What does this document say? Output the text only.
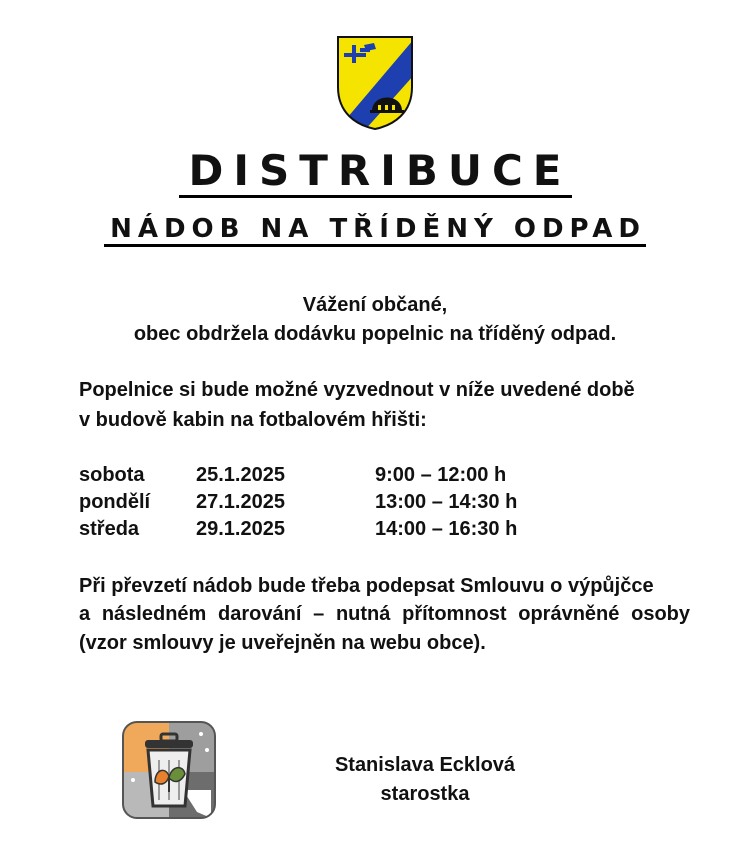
DISTRIBUCE
NÁDOB NA TŘÍDĚNÝ ODPAD
Vážení občané,
obec obdržela dodávku popelnic na tříděný odpad.
Popelnice si bude možné vyzvednout v níže uvedené době
v budově kabin na fotbalovém hřišti:
sobota	25.1.2025	9:00 – 12:00 h
pondělí 27.1.2025	13:00 – 14:30 h
středa	29.1.2025	14:00 – 16:30 h
Při převzetí nádob bude třeba podepsat Smlouvu o výpůjčce
a následném darování – nutná přítomnost oprávněné osoby
(vzor smlouvy je uveřejněn na webu obce).
Stanislava Ecklová
starostka
